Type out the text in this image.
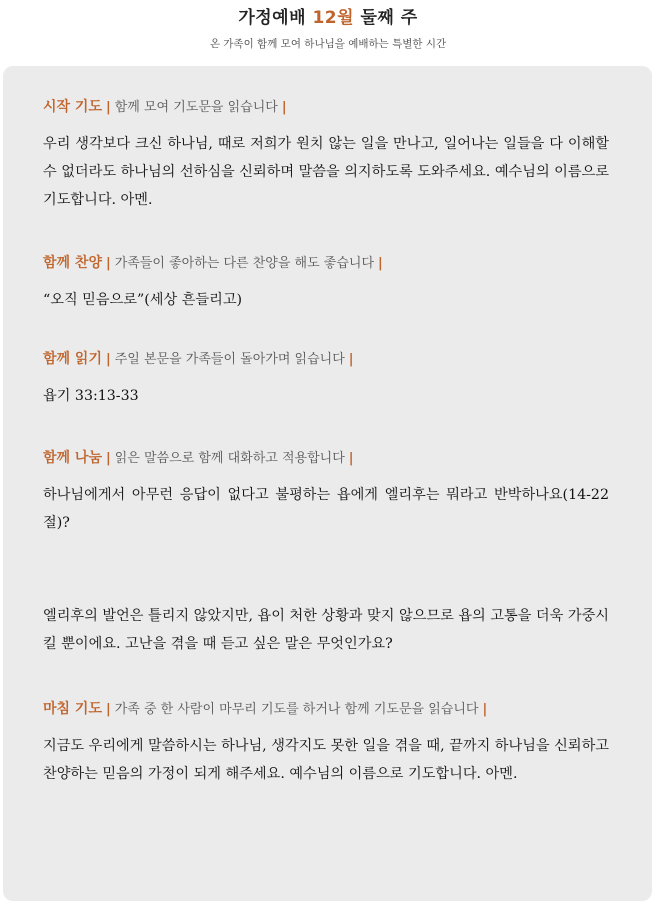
가정예배 12월 둘째 주
온 가족이 함께 모여 하나님을 예배하는 특별한 시간
시작 기도 | 함께 모여 기도문을 읽습니다 |
우리 생각보다 크신 하나님, 때로 저희가 원치 않는 일을 만나고, 일어나는 일들을 다 이해할 수 없더라도 하나님의 선하심을 신뢰하며 말씀을 의지하도록 도와주세요. 예수님의 이름으로 기도합니다. 아멘.
함께 찬양 | 가족들이 좋아하는 다른 찬양을 해도 좋습니다 |
“오직 믿음으로”(세상 흔들리고)
함께 읽기 | 주일 본문을 가족들이 돌아가며 읽습니다 |
욥기 33:13-33
함께 나눔 | 읽은 말씀으로 함께 대화하고 적용합니다 |
하나님에게서 아무런 응답이 없다고 불평하는 욥에게 엘리후는 뭐라고 반박하나요(14-22절)?
엘리후의 발언은 틀리지 않았지만, 욥이 처한 상황과 맞지 않으므로 욥의 고통을 더욱 가중시킬 뿐이에요. 고난을 겪을 때 듣고 싶은 말은 무엇인가요?
마침 기도 | 가족 중 한 사람이 마무리 기도를 하거나 함께 기도문을 읽습니다 |
지금도 우리에게 말씀하시는 하나님, 생각지도 못한 일을 겪을 때, 끝까지 하나님을 신뢰하고 찬양하는 믿음의 가정이 되게 해주세요. 예수님의 이름으로 기도합니다. 아멘.
